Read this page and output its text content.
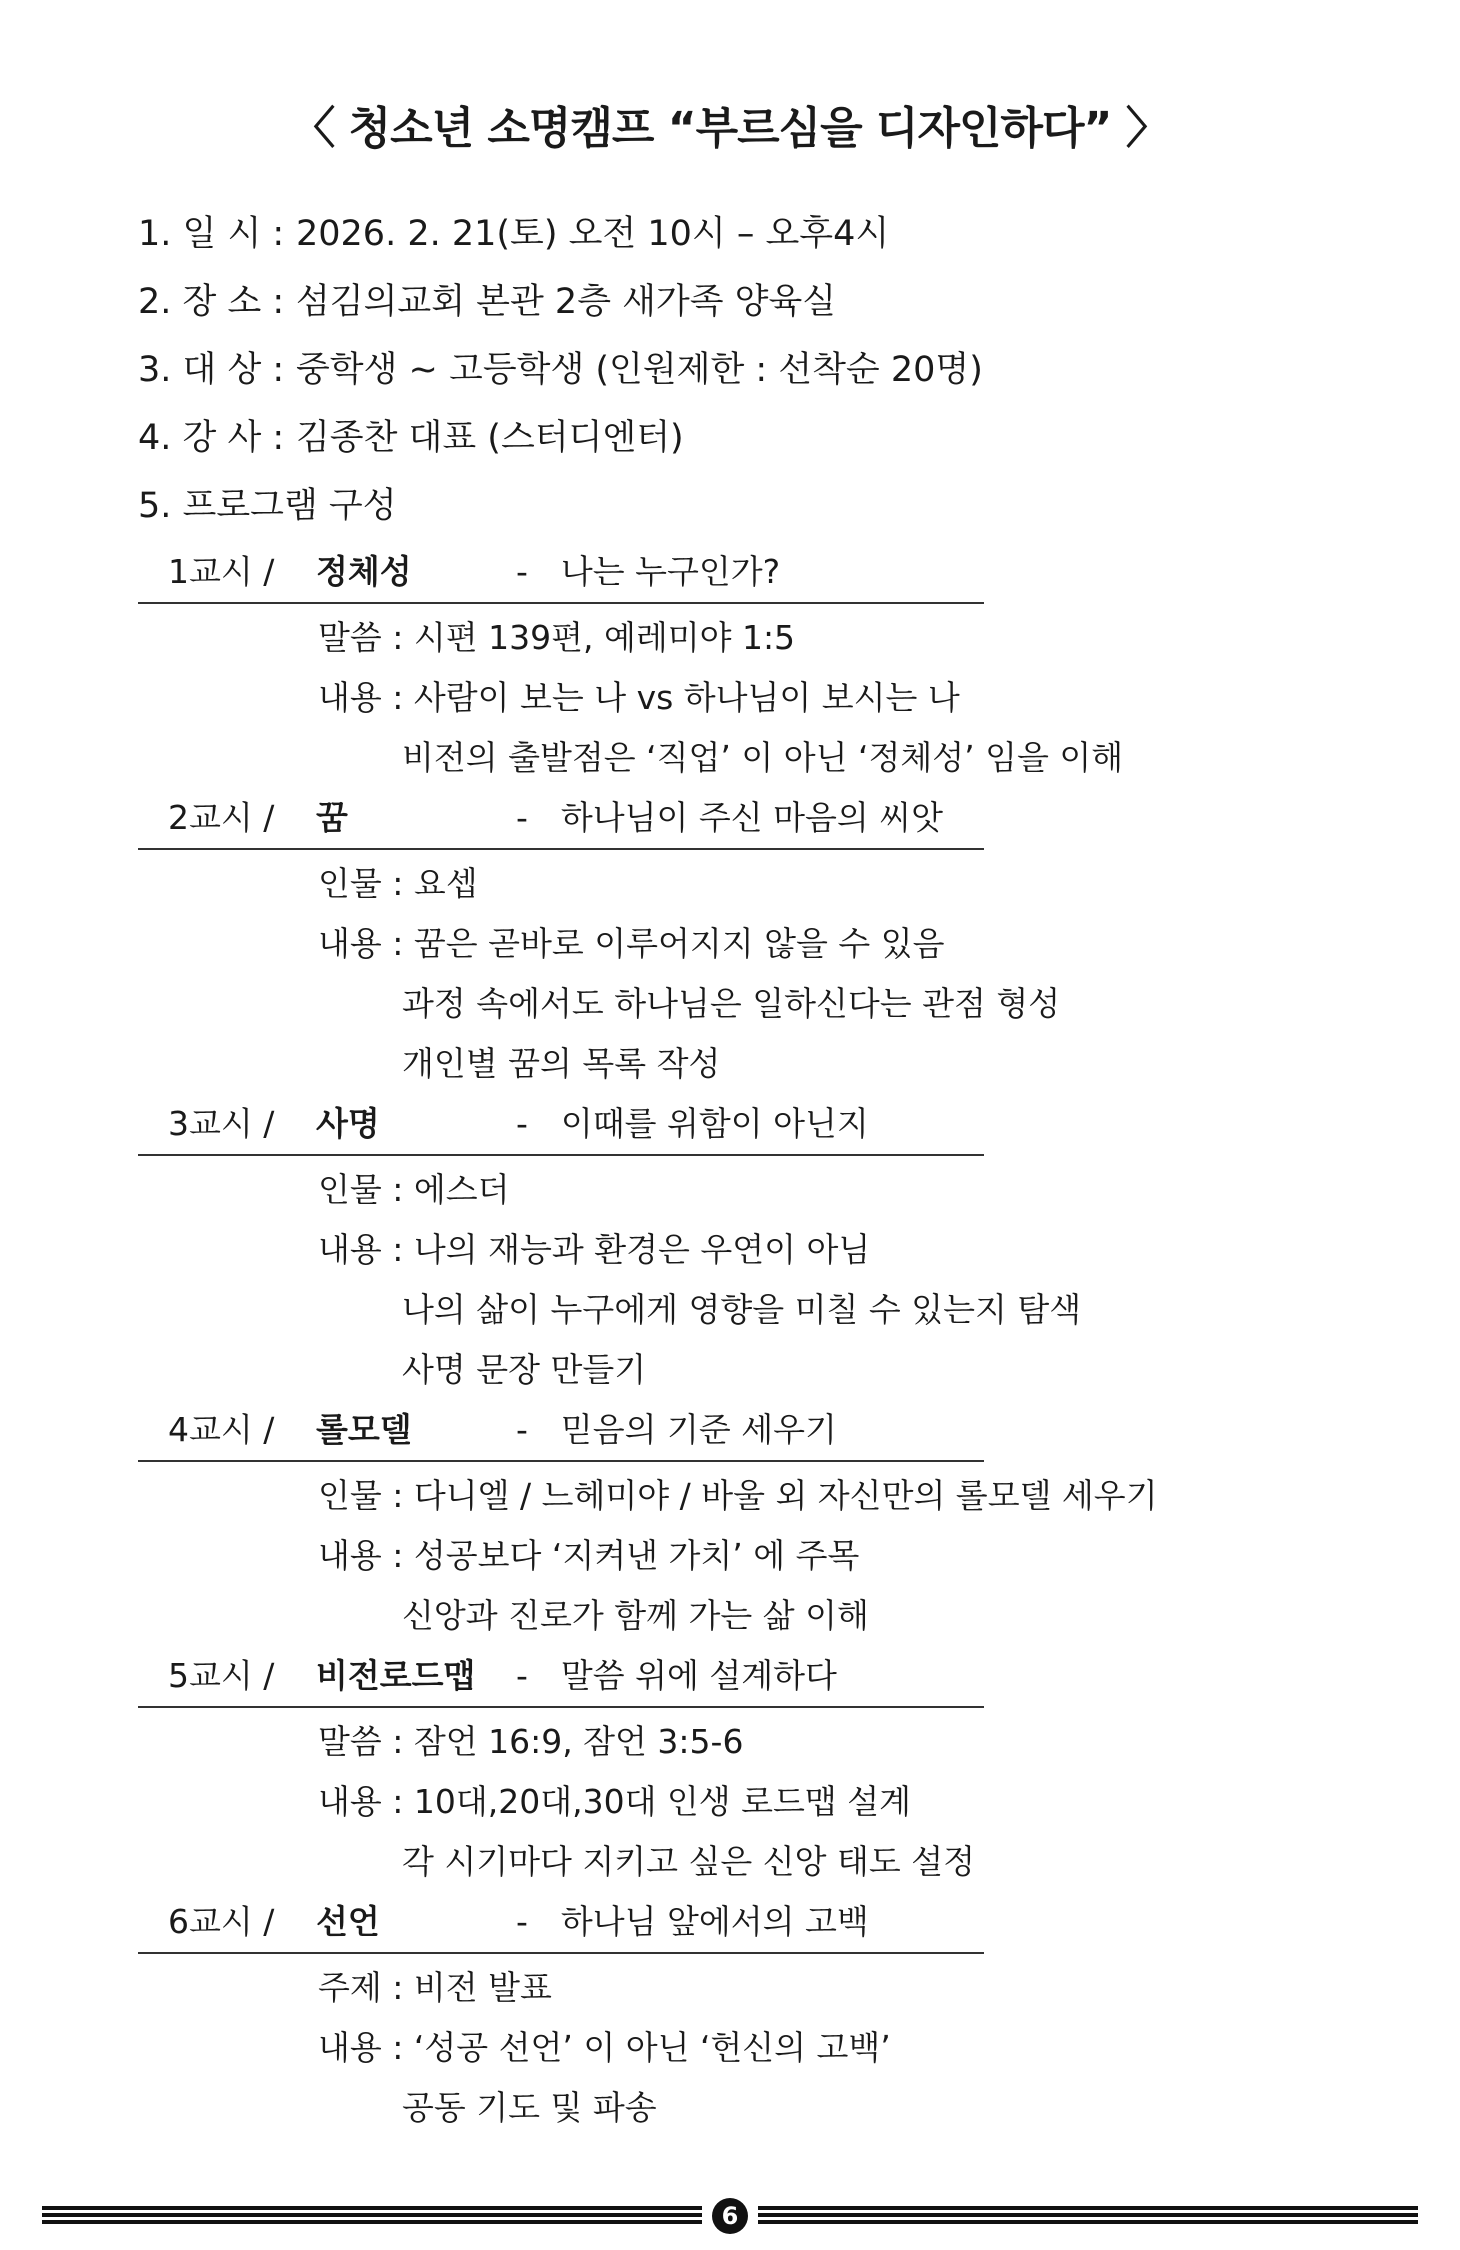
〈 청소년 소명캠프 “부르심을 디자인하다” 〉
1. 일 시 : 2026. 2. 21(토) 오전 10시 – 오후4시
2. 장 소 : 섬김의교회 본관 2층 새가족 양육실
3. 대 상 : 중학생 ~ 고등학생 (인원제한 : 선착순 20명)
4. 강 사 : 김종찬 대표 (스터디엔터)
5. 프로그램 구성
1교시 / 정체성	-　나는 누구인가?
말씀 : 시편 139편, 예레미야 1:5
내용 : 사람이 보는 나 vs 하나님이 보시는 나
비전의 출발점은 ‘직업’ 이 아닌 ‘정체성’ 임을 이해
2교시 / 꿈	-　하나님이 주신 마음의 씨앗
인물 : 요셉
내용 : 꿈은 곧바로 이루어지지 않을 수 있음
과정 속에서도 하나님은 일하신다는 관점 형성
개인별 꿈의 목록 작성
3교시 / 사명	-　이때를 위함이 아닌지
인물 : 에스더
내용 : 나의 재능과 환경은 우연이 아님
나의 삶이 누구에게 영향을 미칠 수 있는지 탐색
사명 문장 만들기
4교시 / 롤모델	-　믿음의 기준 세우기
인물 : 다니엘 / 느헤미야 / 바울 외 자신만의 롤모델 세우기
내용 : 성공보다 ‘지켜낸 가치’ 에 주목
신앙과 진로가 함께 가는 삶 이해
5교시 / 비전로드맵 -　말씀 위에 설계하다
말씀 : 잠언 16:9, 잠언 3:5-6
내용 : 10대,20대,30대 인생 로드맵 설계
각 시기마다 지키고 싶은 신앙 태도 설정
6교시 / 선언	-　하나님 앞에서의 고백
주제 : 비전 발표
내용 : ‘성공 선언’ 이 아닌 ‘헌신의 고백’
공동 기도 및 파송
6
